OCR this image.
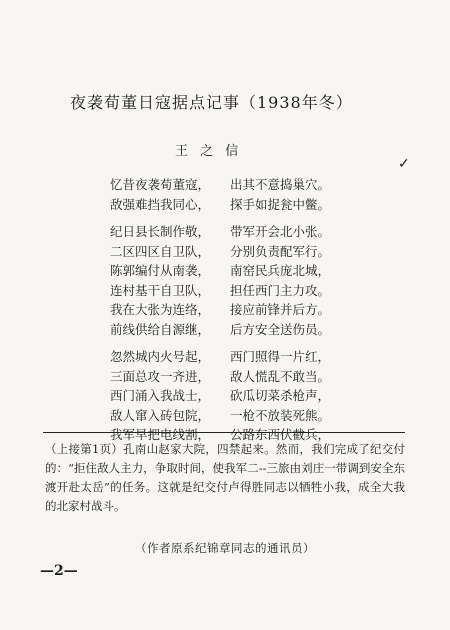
夜袭荀董日寇据点记事（1938年冬）
王 之 信
✓
忆昔夜袭荀董寇， 出其不意捣巢穴。
敌强难挡我同心， 探手如捉瓮中鳖。
纪日县长制作敬， 带军开会北小张。
二区四区自卫队， 分别负责配军行。
陈郭编付从南袭， 南窑民兵庞北城，
连村基干自卫队， 担任西门主力攻。
我在大张为连络， 接应前锋并后方。
前线供给自源继， 后方安全送伤员。
忽然城内火号起， 西门照得一片红，
三面总攻一齐进， 敌人慌乱不敢当。
西门涌入我战士， 砍瓜切菜杀枪声，
敌人窜入砖包院， 一枪不放装死熊。
我军早把电线割， 公路东西伏截兵，
（上接第1页）孔南山赵家大院，四禁起来。然而，我们完成了纪交付的：“拒住敌人主力，争取时间，使我军二--三旅由刘庄一带调到安全东渡开赴太岳”的任务。这就是纪交付卢得胜同志以牺牲小我，成全大我的北家村战斗。
（作者原系纪锦章同志的通讯员）
—2—
